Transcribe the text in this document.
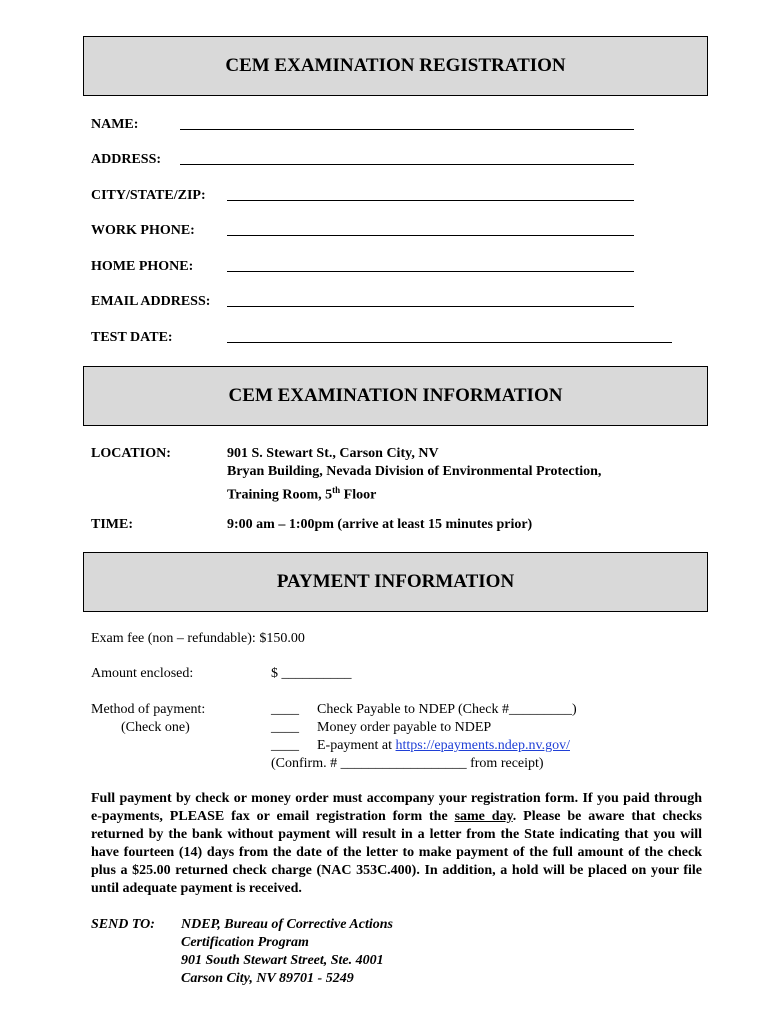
CEM EXAMINATION REGISTRATION
NAME:
ADDRESS:
CITY/STATE/ZIP:
WORK PHONE:
HOME PHONE:
EMAIL ADDRESS:
TEST DATE:
CEM EXAMINATION INFORMATION
LOCATION:	901 S. Stewart St., Carson City, NV
Bryan Building, Nevada Division of Environmental Protection,
Training Room, 5th Floor
TIME:	9:00 am – 1:00pm (arrive at least 15 minutes prior)
PAYMENT INFORMATION
Exam fee (non – refundable): $150.00
Amount enclosed:	$ __________
Method of payment:
(Check one)
____ Check Payable to NDEP (Check #_________)
____ Money order payable to NDEP
____ E-payment at https://epayments.ndep.nv.gov/
(Confirm. # __________________ from receipt)
Full payment by check or money order must accompany your registration form. If you paid through e-payments, PLEASE fax or email registration form the same day. Please be aware that checks returned by the bank without payment will result in a letter from the State indicating that you will have fourteen (14) days from the date of the letter to make payment of the full amount of the check plus a $25.00 returned check charge (NAC 353C.400). In addition, a hold will be placed on your file until adequate payment is received.
SEND TO: NDEP, Bureau of Corrective Actions
Certification Program
901 South Stewart Street, Ste. 4001
Carson City, NV 89701 - 5249
